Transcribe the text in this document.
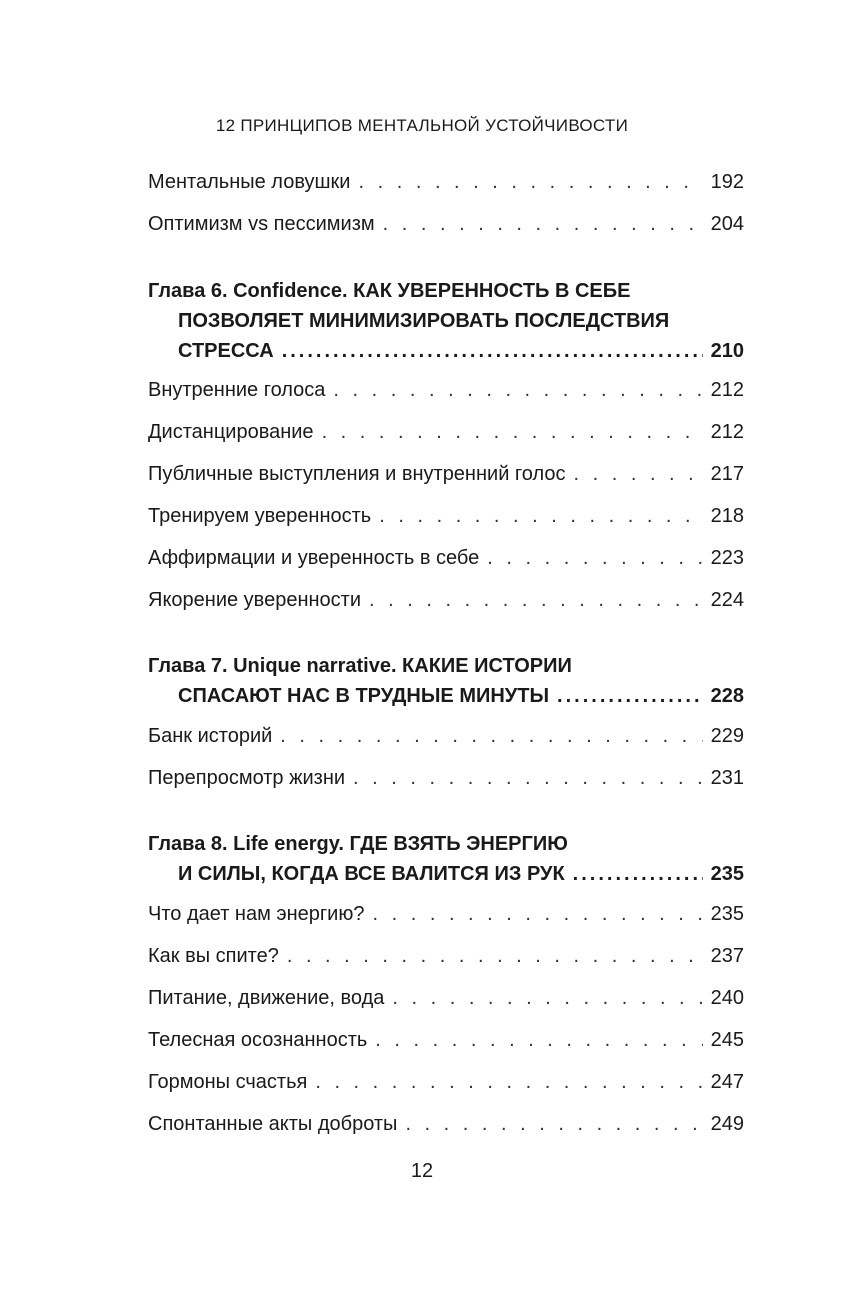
12 ПРИНЦИПОВ МЕНТАЛЬНОЙ УСТОЙЧИВОСТИ
Ментальные ловушки . . .	192
Оптимизм vs пессимизм . . .	204
Глава 6. Confidence. КАК УВЕРЕННОСТЬ В СЕБЕ
ПОЗВОЛЯЕТ МИНИМИЗИРОВАТЬ ПОСЛЕДСТВИЯ
СТРЕССА .....	210
Внутренние голоса . . .	212
Дистанцирование . . .	212
Публичные выступления и внутренний голос . . .	217
Тренируем уверенность . . .	218
Аффирмации и уверенность в себе . . .	223
Якорение уверенности . . .	224
Глава 7. Unique narrative. КАКИЕ ИСТОРИИ
СПАСАЮТ НАС В ТРУДНЫЕ МИНУТЫ .....	228
Банк историй . . .	229
Перепросмотр жизни . . .	231
Глава 8. Life energy. ГДЕ ВЗЯТЬ ЭНЕРГИЮ
И СИЛЫ, КОГДА ВСЕ ВАЛИТСЯ ИЗ РУК .....	235
Что дает нам энергию? . . .	235
Как вы спите? . . .	237
Питание, движение, вода . . .	240
Телесная осознанность . . .	245
Гормоны счастья . . .	247
Спонтанные акты доброты . . .	249
12
